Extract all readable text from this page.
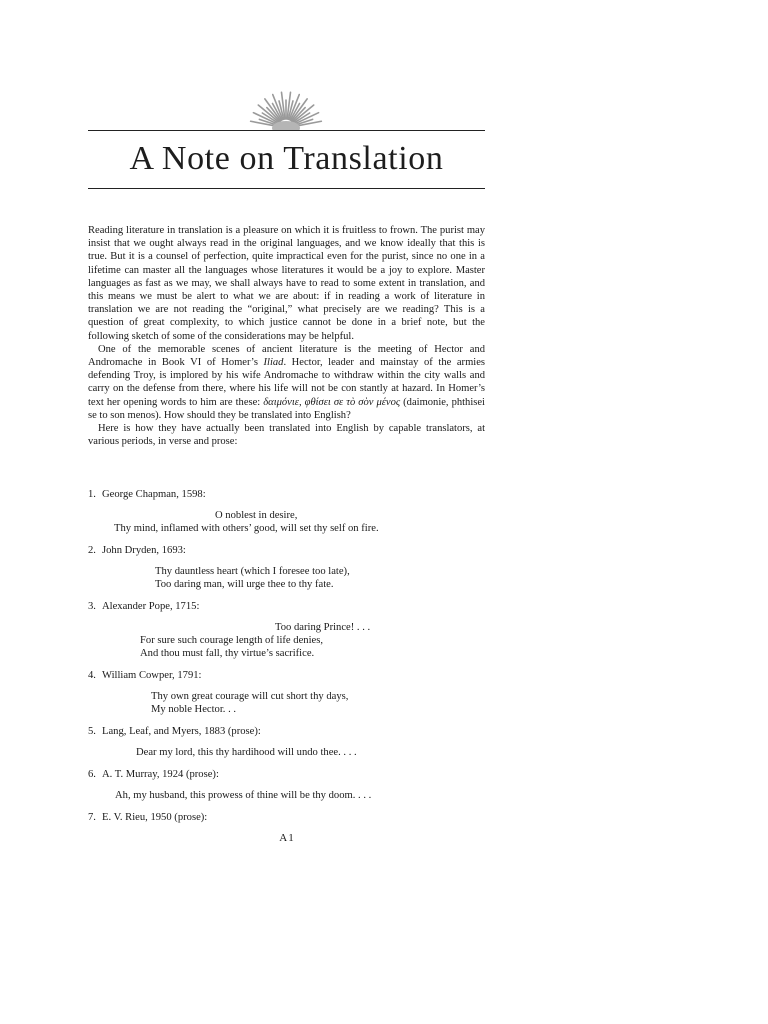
A Note on Translation

Reading literature in translation is a pleasure on which it is fruitless to frown. The purist may insist that we ought always read in the original languages, and we know ideally that this is true. But it is a counsel of perfection, quite impractical even for the purist, since no one in a lifetime can master all the languages whose literatures it would be a joy to explore. Master languages as fast as we may, we shall always have to read to some extent in translation, and this means we must be alert to what we are about: if in reading a work of literature in translation we are not reading the “original,” what precisely are we reading? This is a question of great complexity, to which justice cannot be done in a brief note, but the following sketch of some of the considerations may be helpful.

One of the memorable scenes of ancient literature is the meeting of Hector and Andromache in Book VI of Homer’s Iliad. Hector, leader and mainstay of the armies defending Troy, is implored by his wife Andromache to withdraw within the city walls and carry on the defense from there, where his life will not be con stantly at hazard. In Homer’s text her opening words to him are these: δαιμόνιε, φθίσει σε τὸ σὸν μένος (daimonie, phthisei se to son menos). How should they be translated into English?

Here is how they have actually been translated into English by capable translators, at various periods, in verse and prose:

1. George Chapman, 1598:
O noblest in desire,
Thy mind, inflamed with others’ good, will set thy self on fire.
2. John Dryden, 1693:
Thy dauntless heart (which I foresee too late),
Too daring man, will urge thee to thy fate.
3. Alexander Pope, 1715:
Too daring Prince! . . .
For sure such courage length of life denies,
And thou must fall, thy virtue’s sacrifice.
4. William Cowper, 1791:
Thy own great courage will cut short thy days,
My noble Hector. . .
5. Lang, Leaf, and Myers, 1883 (prose):
Dear my lord, this thy hardihood will undo thee. . . .
6. A. T. Murray, 1924 (prose):
Ah, my husband, this prowess of thine will be thy doom. . . .
7. E. V. Rieu, 1950 (prose):
A1
